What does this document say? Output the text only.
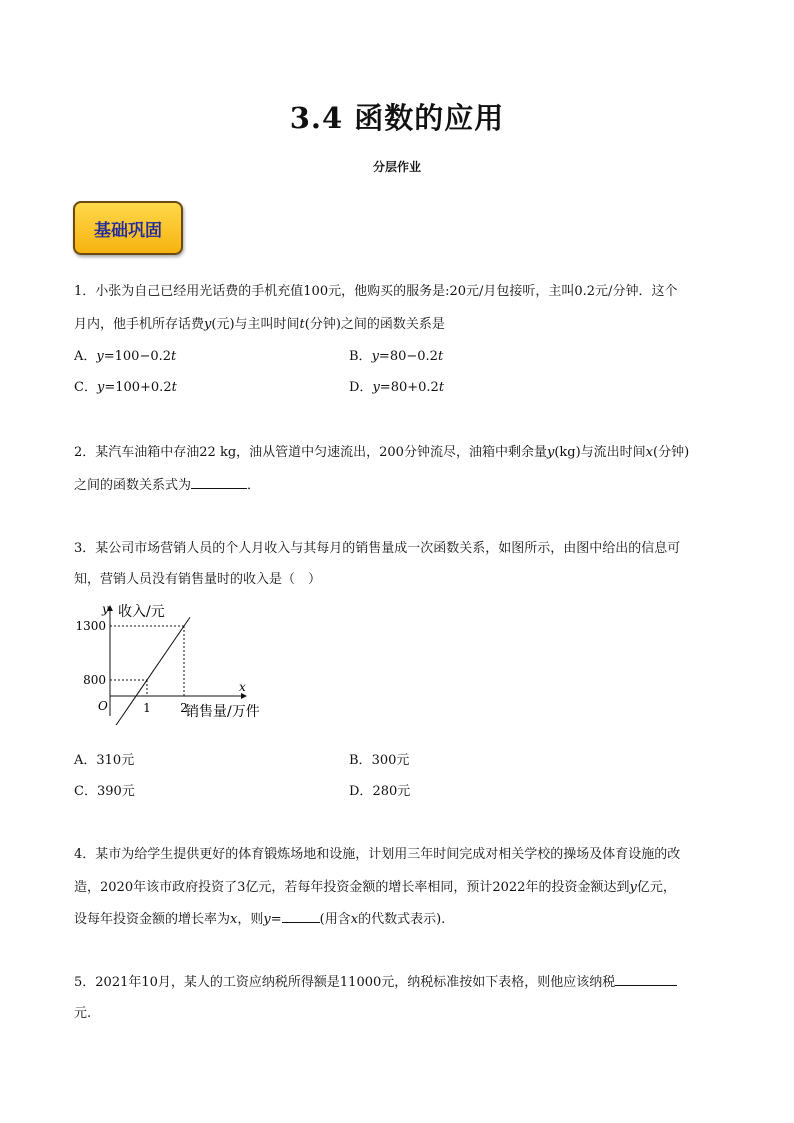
3.4 函数的应用
分层作业
基础巩固
1．小张为自己已经用光话费的手机充值100元，他购买的服务是:20元/月包接听，主叫0.2元/分钟．这个
月内，他手机所存话费y(元)与主叫时间t(分钟)之间的函数关系是
A．y=100−0.2t	B．y=80−0.2t
C．y=100+0.2t	D．y=80+0.2t
2．某汽车油箱中存油22 kg，油从管道中匀速流出，200分钟流尽，油箱中剩余量y(kg)与流出时间x(分钟)
之间的函数关系式为	．
3．某公司市场营销人员的个人月收入与其每月的销售量成一次函数关系，如图所示，由图中给出的信息可
知，营销人员没有销售量时的收入是（　）
y 收入/元
800
1300
x
O	1 2
销售量/万件
A．310元	B．300元
C．390元	D．280元
4．某市为给学生提供更好的体育锻炼场地和设施，计划用三年时间完成对相关学校的操场及体育设施的改
造，2020年该市政府投资了3亿元，若每年投资金额的增长率相同，预计2022年的投资金额达到y亿元，
设每年投资金额的增长率为x，则y=	(用含x的代数式表示).
5．2021年10月，某人的工资应纳税所得额是11000元，纳税标准按如下表格，则他应该纳税
元.
